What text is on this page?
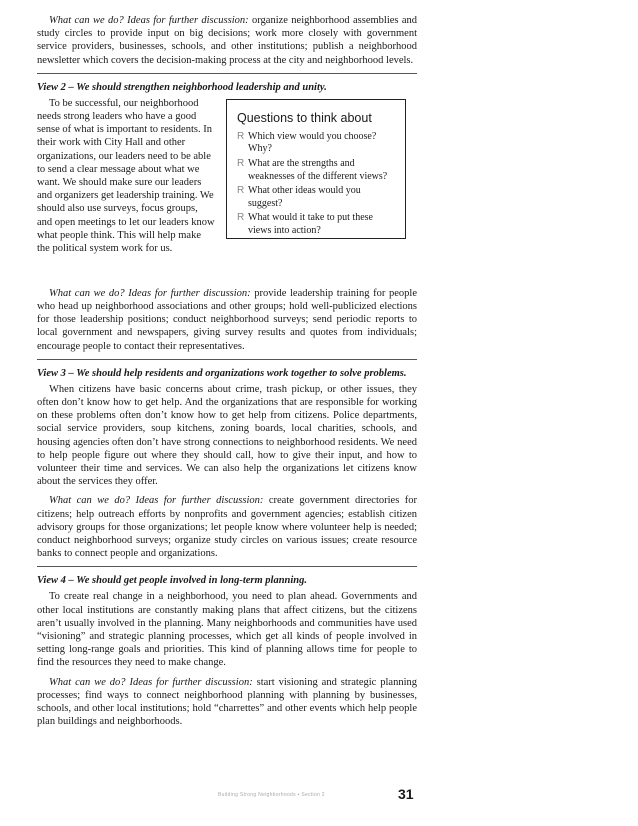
What can we do? Ideas for further discussion: organize neighborhood assemblies and study circles to provide input on big decisions; work more closely with government service providers, businesses, schools, and other institutions; publish a neighborhood newsletter which covers the decision-making process at the city and neighborhood levels.

View 2 – We should strengthen neighborhood leadership and unity.

To be successful, our neighborhood needs strong leaders who have a good sense of what is important to residents. In their work with City Hall and other organizations, our leaders need to be able to send a clear message about what we want. We should make sure our leaders and organizers get leadership training. We should also use surveys, focus groups, and open meetings to let our leaders know what people think. This will help make the political system work for us.

Questions to think about
R Which view would you choose? Why?
R What are the strengths and weaknesses of the different views?
R What other ideas would you suggest?
R What would it take to put these views into action?

What can we do? Ideas for further discussion: provide leadership training for people who head up neighborhood associations and other groups; hold well-publicized elections for those leadership positions; conduct neighborhood surveys; send periodic reports to local government and newspapers, giving survey results and quotes from individuals; encourage people to contact their representatives.

View 3 – We should help residents and organizations work together to solve problems.

When citizens have basic concerns about crime, trash pickup, or other issues, they often don’t know how to get help. And the organizations that are responsible for working on these problems often don’t know how to get help from citizens. Police departments, social service providers, soup kitchens, zoning boards, local charities, schools, and housing agencies often don’t have strong connections to neighborhood residents. We need to help people figure out where they should call, how to give their input, and how to volunteer their time and services. We can also help the organizations let citizens know about the services they offer.

What can we do? Ideas for further discussion: create government directories for citizens; help outreach efforts by nonprofits and government agencies; establish citizen advisory groups for those organizations; let people know where volunteer help is needed; conduct neighborhood surveys; organize study circles on various issues; create resource banks to connect people and organizations.

View 4 – We should get people involved in long-term planning.

To create real change in a neighborhood, you need to plan ahead. Governments and other local institutions are constantly making plans that affect citizens, but the citizens aren’t usually involved in the planning. Many neighborhoods and communities have used “visioning” and strategic planning processes, which get all kinds of people involved in setting long-range goals and priorities. This kind of planning allows time for people to find the resources they need to make change.

What can we do? Ideas for further discussion: start visioning and strategic planning processes; find ways to connect neighborhood planning with planning by businesses, schools, and other local institutions; hold “charrettes” and other events which help people plan buildings and neighborhoods.

Building Strong Neighborhoods • Section 2	31
